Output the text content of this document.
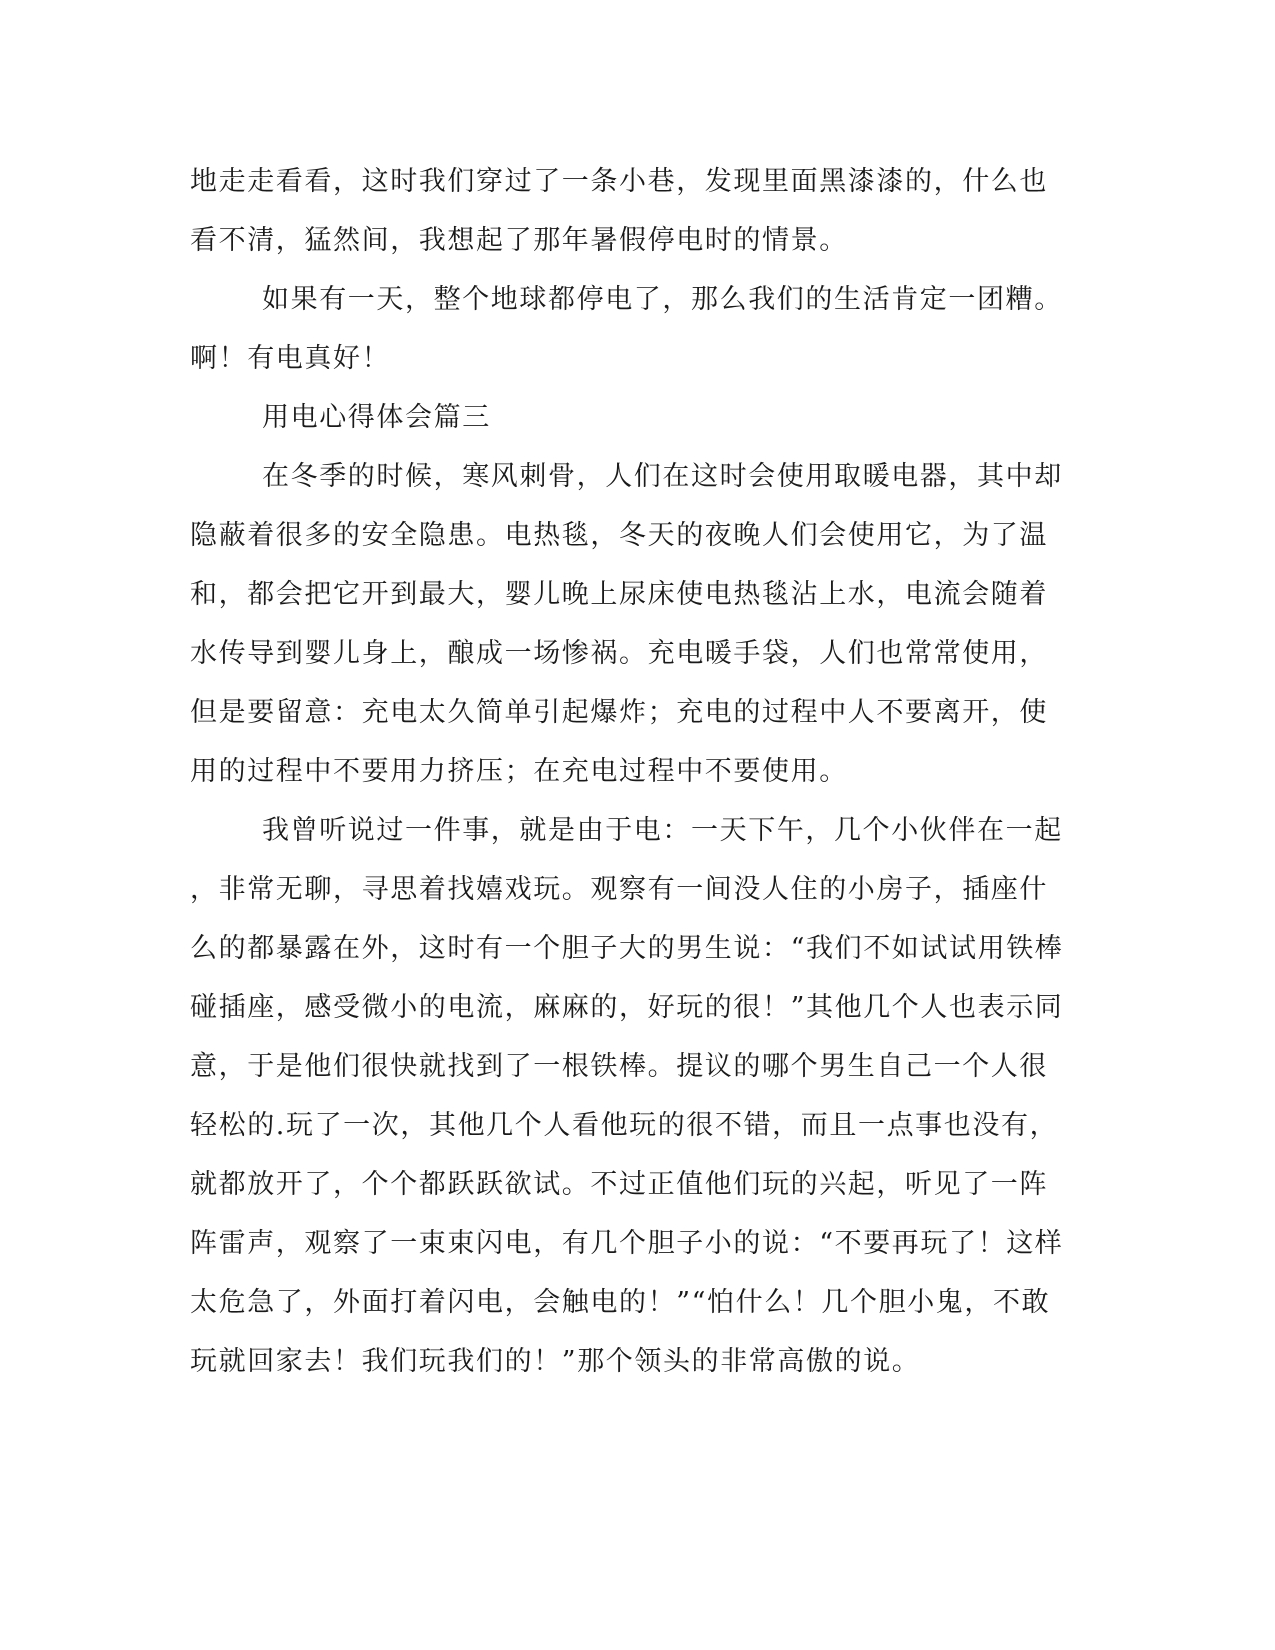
地走走看看，这时我们穿过了一条小巷，发现里面黑漆漆的，什么也
看不清，猛然间，我想起了那年暑假停电时的情景。
如果有一天，整个地球都停电了，那么我们的生活肯定一团糟。
啊！有电真好！
用电心得体会篇三
在冬季的时候，寒风刺骨，人们在这时会使用取暖电器，其中却
隐蔽着很多的安全隐患。电热毯，冬天的夜晚人们会使用它，为了温
和，都会把它开到最大，婴儿晚上尿床使电热毯沾上水，电流会随着
水传导到婴儿身上，酿成一场惨祸。充电暖手袋，人们也常常使用，
但是要留意：充电太久简单引起爆炸；充电的过程中人不要离开，使
用的过程中不要用力挤压；在充电过程中不要使用。
我曾听说过一件事，就是由于电：一天下午，几个小伙伴在一起
，非常无聊，寻思着找嬉戏玩。观察有一间没人住的小房子，插座什
么的都暴露在外，这时有一个胆子大的男生说：“我们不如试试用铁棒
碰插座，感受微小的电流，麻麻的，好玩的很！”其他几个人也表示同
意，于是他们很快就找到了一根铁棒。提议的哪个男生自己一个人很
轻松的.玩了一次，其他几个人看他玩的很不错，而且一点事也没有，
就都放开了，个个都跃跃欲试。不过正值他们玩的兴起，听见了一阵
阵雷声，观察了一束束闪电，有几个胆子小的说：“不要再玩了！这样
太危急了，外面打着闪电，会触电的！”“怕什么！几个胆小鬼，不敢
玩就回家去！我们玩我们的！”那个领头的非常高傲的说。
